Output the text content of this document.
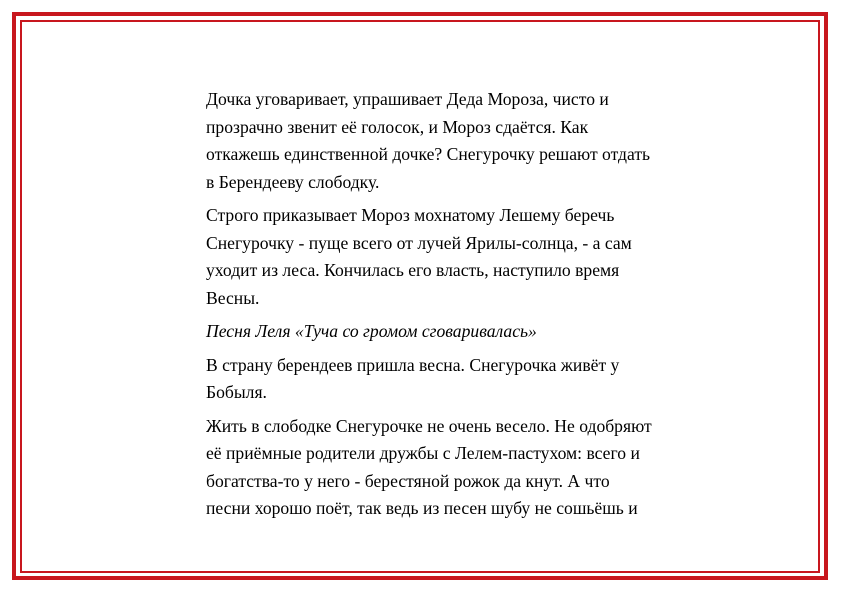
Дочка уговаривает, упрашивает Деда Мороза, чисто и
прозрачно звенит её голосок, и Мороз сдаётся. Как
откажешь единственной дочке? Снегурочку решают отдать
в Берендееву слободку.
Строго приказывает Мороз мохнатому Лешему беречь
Снегурочку - пуще всего от лучей Ярилы-солнца, - а сам
уходит из леса. Кончилась его власть, наступило время
Весны.
Песня Леля «Туча со громом сговаривалась»
В страну берендеев пришла весна. Снегурочка живёт у
Бобыля.
Жить в слободке Снегурочке не очень весело. Не одобряют
её приёмные родители дружбы с Лелем-пастухом: всего и
богатства-то у него - берестяной рожок да кнут. А что
песни хорошо поёт, так ведь из песен шубу не сошьёшь и
